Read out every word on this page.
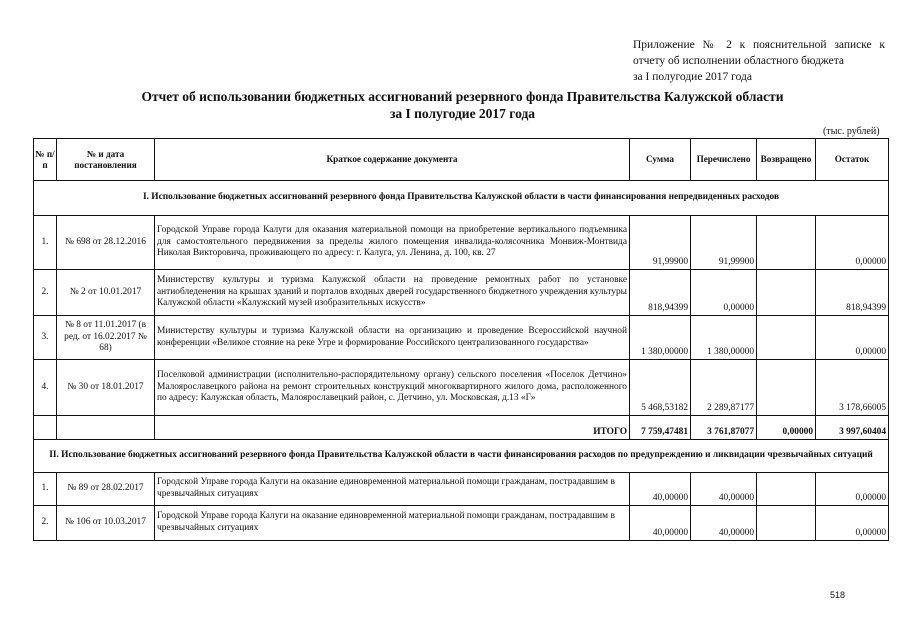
Приложение № 2 к пояснительной записке к
отчету об исполнении областного бюджета
за I полугодие 2017 года
Отчет об использовании бюджетных ассигнований резервного фонда Правительства Калужской области
за I полугодие 2017 года
(тыс. рублей)
№ п/п	№ и дата постановления	Краткое содержание документа	Сумма	Перечислено	Возвращено	Остаток
I. Использование бюджетных ассигнований резервного фонда Правительства Калужской области в части финансирования непредвиденных расходов						
1.	№ 698 от 28.12.2016	Городской Управе города Калуги для оказания материальной помощи на приобретение вертикального подъемника для самостоятельного передвижения за пределы жилого помещения инвалида-колясочника Монвиж-Монтвида Николая Викторовича, проживающего по адресу: г. Калуга, ул. Ленина, д. 100, кв. 27	91,99900	91,99900		0,00000
2.	№ 2 от 10.01.2017	Министерству культуры и туризма Калужской области на проведение ремонтных работ по установке антиобледенения на крышах зданий и порталов входных дверей государственного бюджетного учреждения культуры Калужской области «Калужский музей изобразительных искусств»	818,94399	0,00000		818,94399
3.	№ 8 от 11.01.2017 (в ред. от 16.02.2017 № 68)	Министерству культуры и туризма Калужской области на организацию и проведение Всероссийской научной конференции «Великое стояние на реке Угре и формирование Российского централизованного государства»	1 380,00000	1 380,00000		0,00000
4.	№ 30 от 18.01.2017	Поселковой администрации (исполнительно-распорядительному органу) сельского поселения «Поселок Детчино» Малоярославецкого района на ремонт строительных конструкций многоквартирного жилого дома, расположенного по адресу: Калужская область, Малоярославецкий район, с. Детчино, ул. Московская, д.13 «Г»	5 468,53182	2 289,87177		3 178,66005
		ИТОГО	7 759,47481	3 761,87077	0,00000	3 997,60404
II. Использование бюджетных ассигнований резервного фонда Правительства Калужской области в части финансирования расходов по предупреждению и ликвидации чрезвычайных ситуаций						
1.	№ 89 от 28.02.2017	Городской Управе города Калуги на оказание единовременной материальной помощи гражданам, пострадавшим в чрезвычайных ситуациях	40,00000	40,00000		0,00000
2.	№ 106 от 10.03.2017	Городской Управе города Калуги на оказание единовременной материальной помощи гражданам, пострадавшим в чрезвычайных ситуациях	40,00000	40,00000		0,00000
518
